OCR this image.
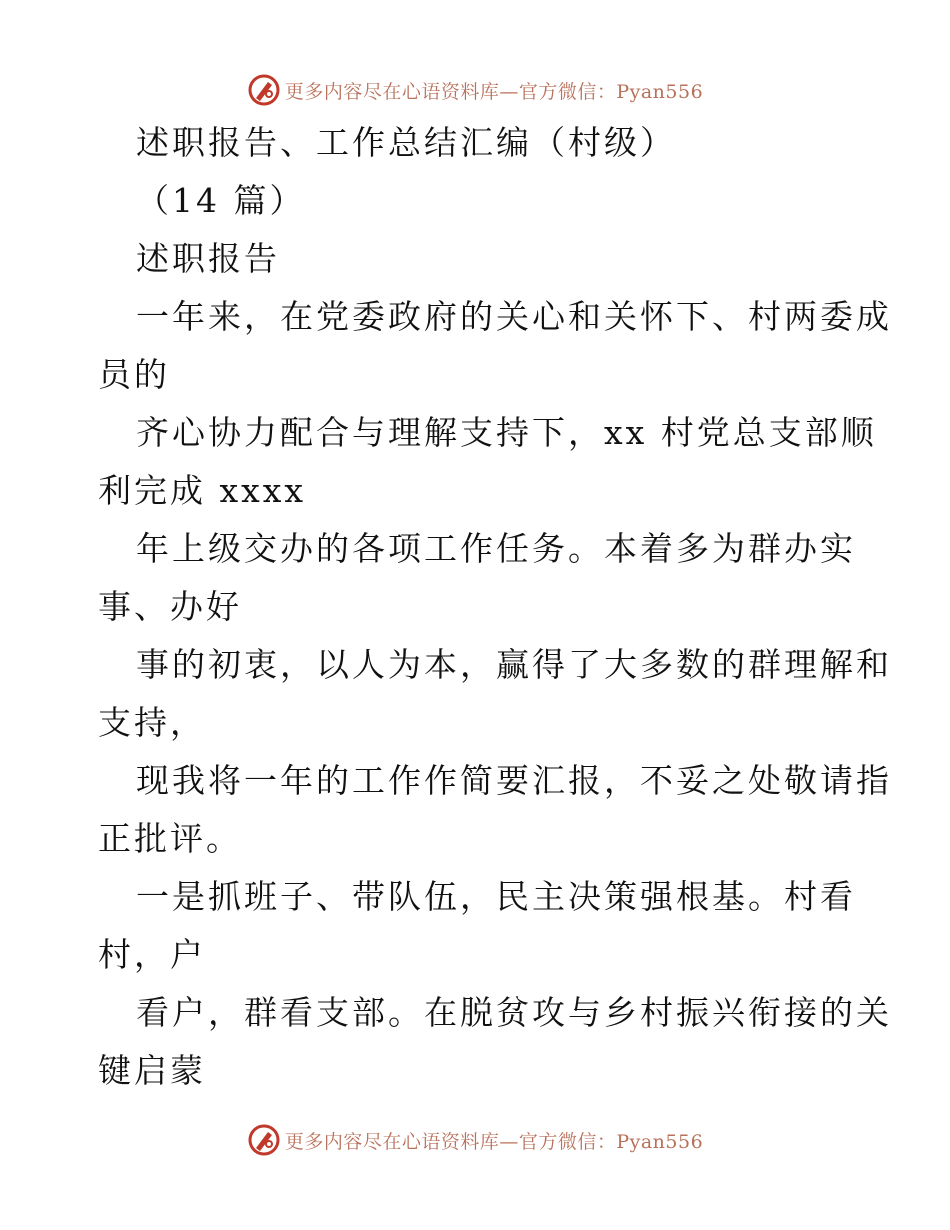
更多内容尽在心语资料库—官方微信：Pyan556
述职报告、工作总结汇编（村级）
（14 篇）
述职报告
一年来，在党委政府的关心和关怀下、村两委成
员的
齐心协力配合与理解支持下，xx 村党总支部顺
利完成 xxxx
年上级交办的各项工作任务。本着多为群办实
事、办好
事的初衷，以人为本，赢得了大多数的群理解和
支持，
现我将一年的工作作简要汇报，不妥之处敬请指
正批评。
一是抓班子、带队伍，民主决策强根基。村看
村，户
看户，群看支部。在脱贫攻与乡村振兴衔接的关
键启蒙
更多内容尽在心语资料库—官方微信：Pyan556
